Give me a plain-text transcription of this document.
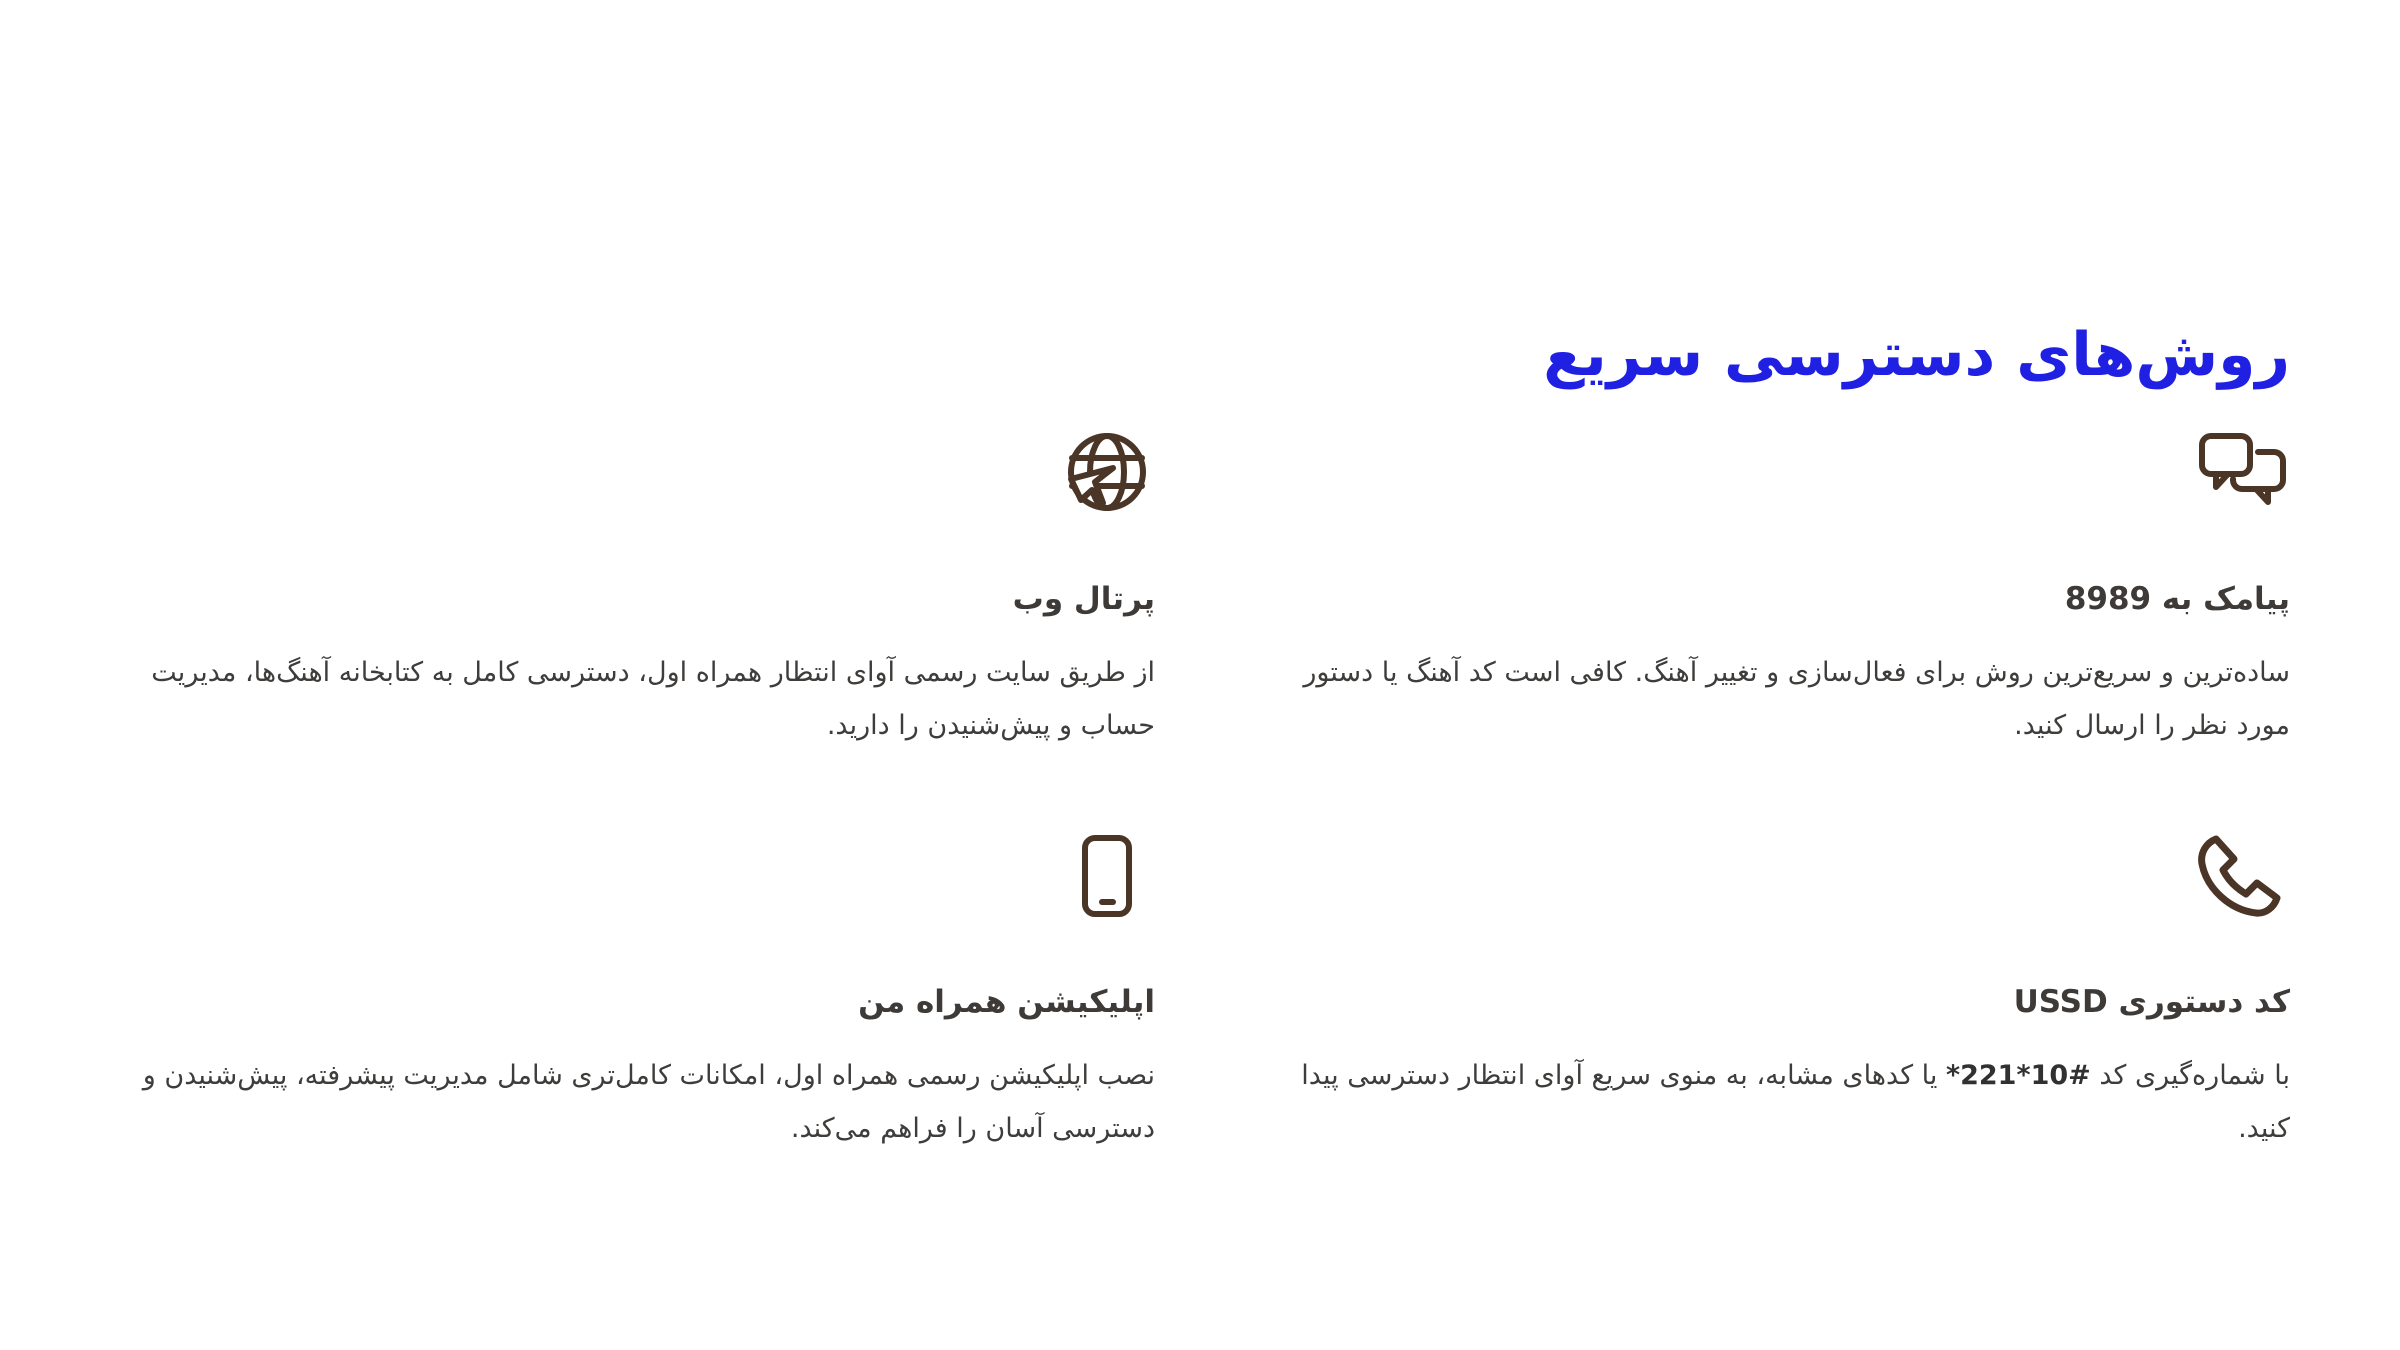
روش‌های دسترسی سریع
پیامک به 8989

ساده‌ترین و سریع‌ترین روش برای فعال‌سازی و تغییر آهنگ. کافی است کد آهنگ یا دستور مورد نظر را ارسال کنید.

پرتال وب

از طریق سایت رسمی آوای انتظار همراه اول، دسترسی کامل به کتابخانه آهنگ‌ها، مدیریت حساب و پیش‌شنیدن را دارید.

کد دستوری USSD

با شماره‌گیری کد #10*221* یا کدهای مشابه، به منوی سریع آوای انتظار دسترسی پیدا کنید.

اپلیکیشن همراه من

نصب اپلیکیشن رسمی همراه اول، امکانات کامل‌تری شامل مدیریت پیشرفته، پیش‌شنیدن و دسترسی آسان را فراهم می‌کند.
